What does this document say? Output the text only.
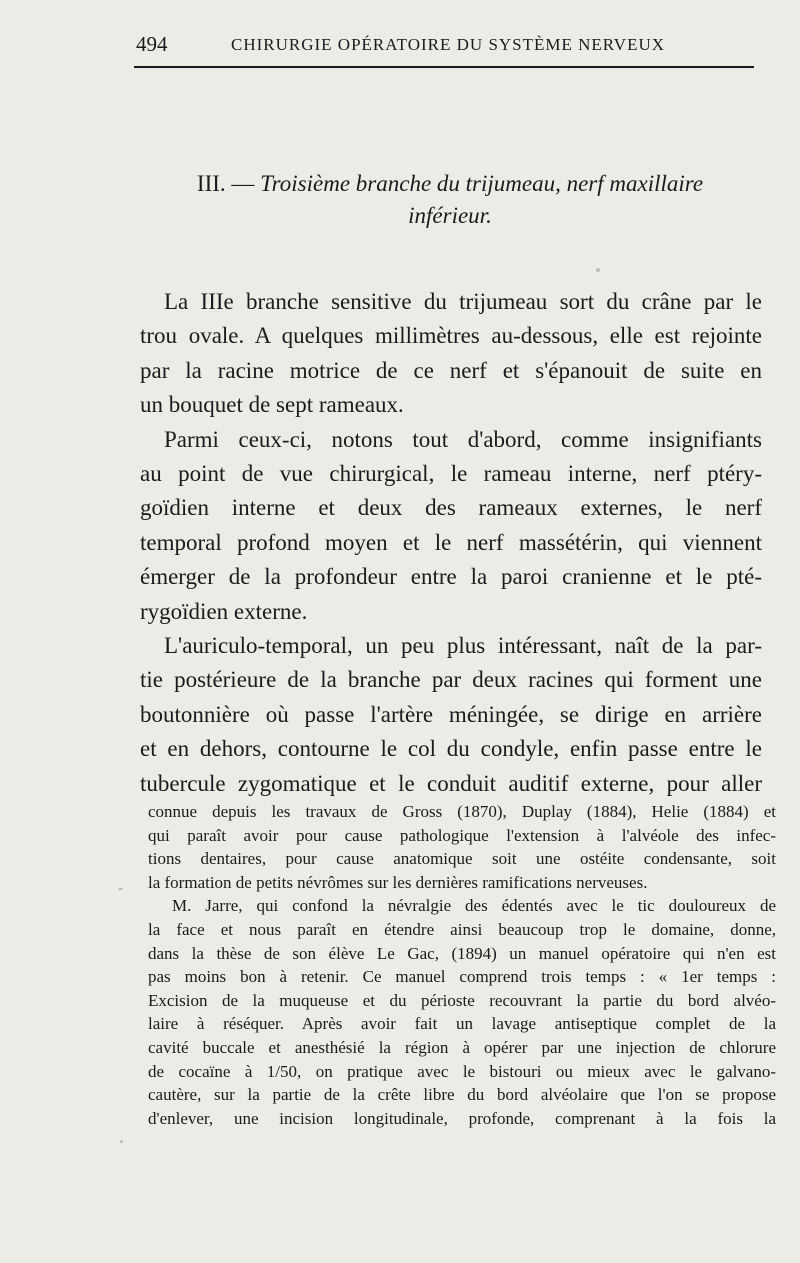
494	CHIRURGIE OPÉRATOIRE DU SYSTÈME NERVEUX
III. — Troisième branche du trijumeau, nerf maxillaire
inférieur.
La IIIe branche sensitive du trijumeau sort du crâne par le
trou ovale. A quelques millimètres au-dessous, elle est rejointe
par la racine motrice de ce nerf et s'épanouit de suite en
un bouquet de sept rameaux.
Parmi ceux-ci, notons tout d'abord, comme insignifiants
au point de vue chirurgical, le rameau interne, nerf ptéry-
goïdien interne et deux des rameaux externes, le nerf
temporal profond moyen et le nerf massétérin, qui viennent
émerger de la profondeur entre la paroi cranienne et le pté-
rygoïdien externe.
L'auriculo-temporal, un peu plus intéressant, naît de la par-
tie postérieure de la branche par deux racines qui forment une
boutonnière où passe l'artère méningée, se dirige en arrière
et en dehors, contourne le col du condyle, enfin passe entre le
tubercule zygomatique et le conduit auditif externe, pour aller
connue depuis les travaux de Gross (1870), Duplay (1884), Helie (1884) et
qui paraît avoir pour cause pathologique l'extension à l'alvéole des infec-
tions dentaires, pour cause anatomique soit une ostéite condensante, soit
la formation de petits névrômes sur les dernières ramifications nerveuses.
M. Jarre, qui confond la névralgie des édentés avec le tic douloureux de
la face et nous paraît en étendre ainsi beaucoup trop le domaine, donne,
dans la thèse de son élève Le Gac, (1894) un manuel opératoire qui n'en est
pas moins bon à retenir. Ce manuel comprend trois temps : « 1er temps :
Excision de la muqueuse et du périoste recouvrant la partie du bord alvéo-
laire à réséquer. Après avoir fait un lavage antiseptique complet de la
cavité buccale et anesthésié la région à opérer par une injection de chlorure
de cocaïne à 1/50, on pratique avec le bistouri ou mieux avec le galvano-
cautère, sur la partie de la crête libre du bord alvéolaire que l'on se propose
d'enlever, une incision longitudinale, profonde, comprenant à la fois la
